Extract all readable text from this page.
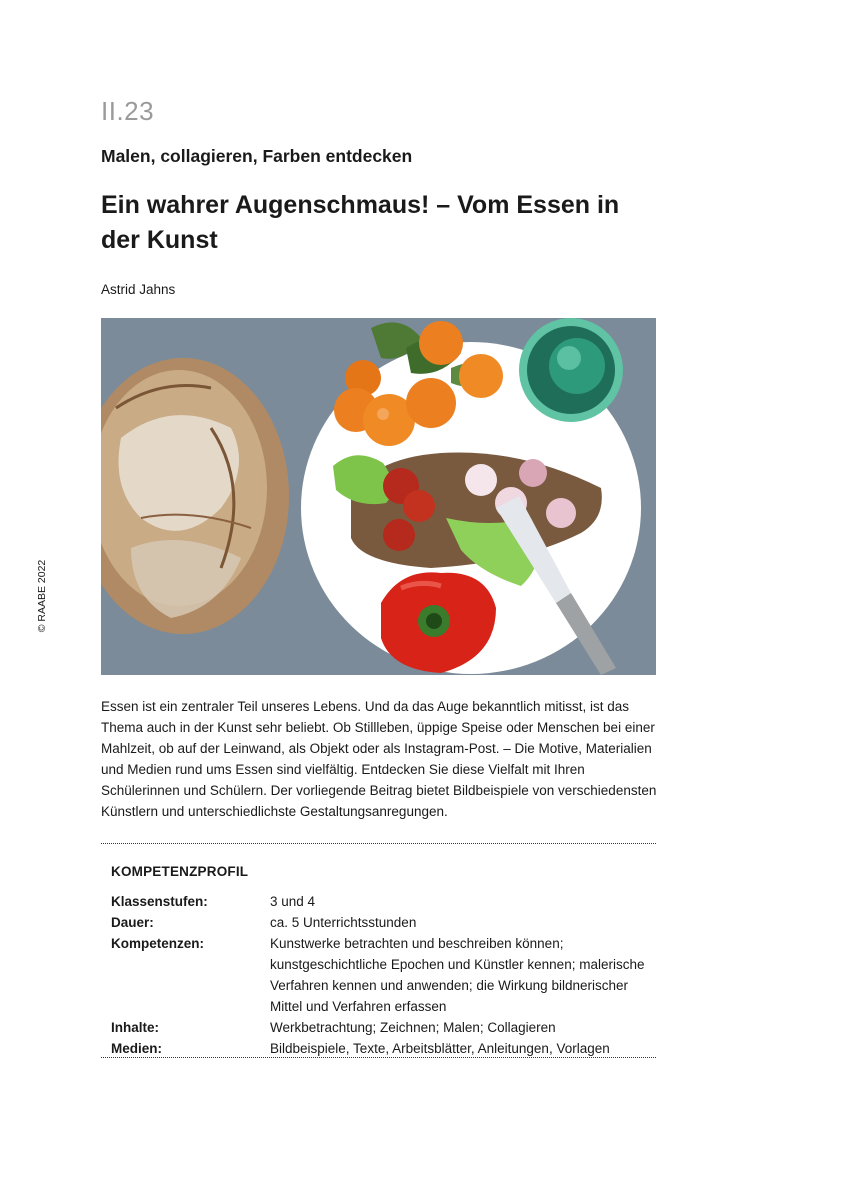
II.23
Malen, collagieren, Farben entdecken
Ein wahrer Augenschmaus! – Vom Essen in der Kunst
Astrid Jahns
© RAABE 2022

Essen ist ein zentraler Teil unseres Lebens. Und da das Auge bekanntlich mitisst, ist das Thema auch in der Kunst sehr beliebt. Ob Stillleben, üppige Speise oder Menschen bei einer Mahlzeit, ob auf der Leinwand, als Objekt oder als Instagram-Post. – Die Motive, Materialien und Medien rund ums Essen sind vielfältig. Entdecken Sie diese Vielfalt mit Ihren Schülerinnen und Schülern. Der vorliegende Beitrag bietet Bildbeispiele von verschiedensten Künstlern und unterschiedlichste Gestaltungsanregungen.

KOMPETENZPROFIL
Klassenstufen:	3 und 4
Dauer:	ca. 5 Unterrichtsstunden
Kompetenzen:	Kunstwerke betrachten und beschreiben können; kunstgeschichtliche Epochen und Künstler kennen; malerische Verfahren kennen und anwenden; die Wirkung bildnerischer Mittel und Verfahren erfassen
Inhalte:	Werkbetrachtung; Zeichnen; Malen; Collagieren
Medien:	Bildbeispiele, Texte, Arbeitsblätter, Anleitungen, Vorlagen
